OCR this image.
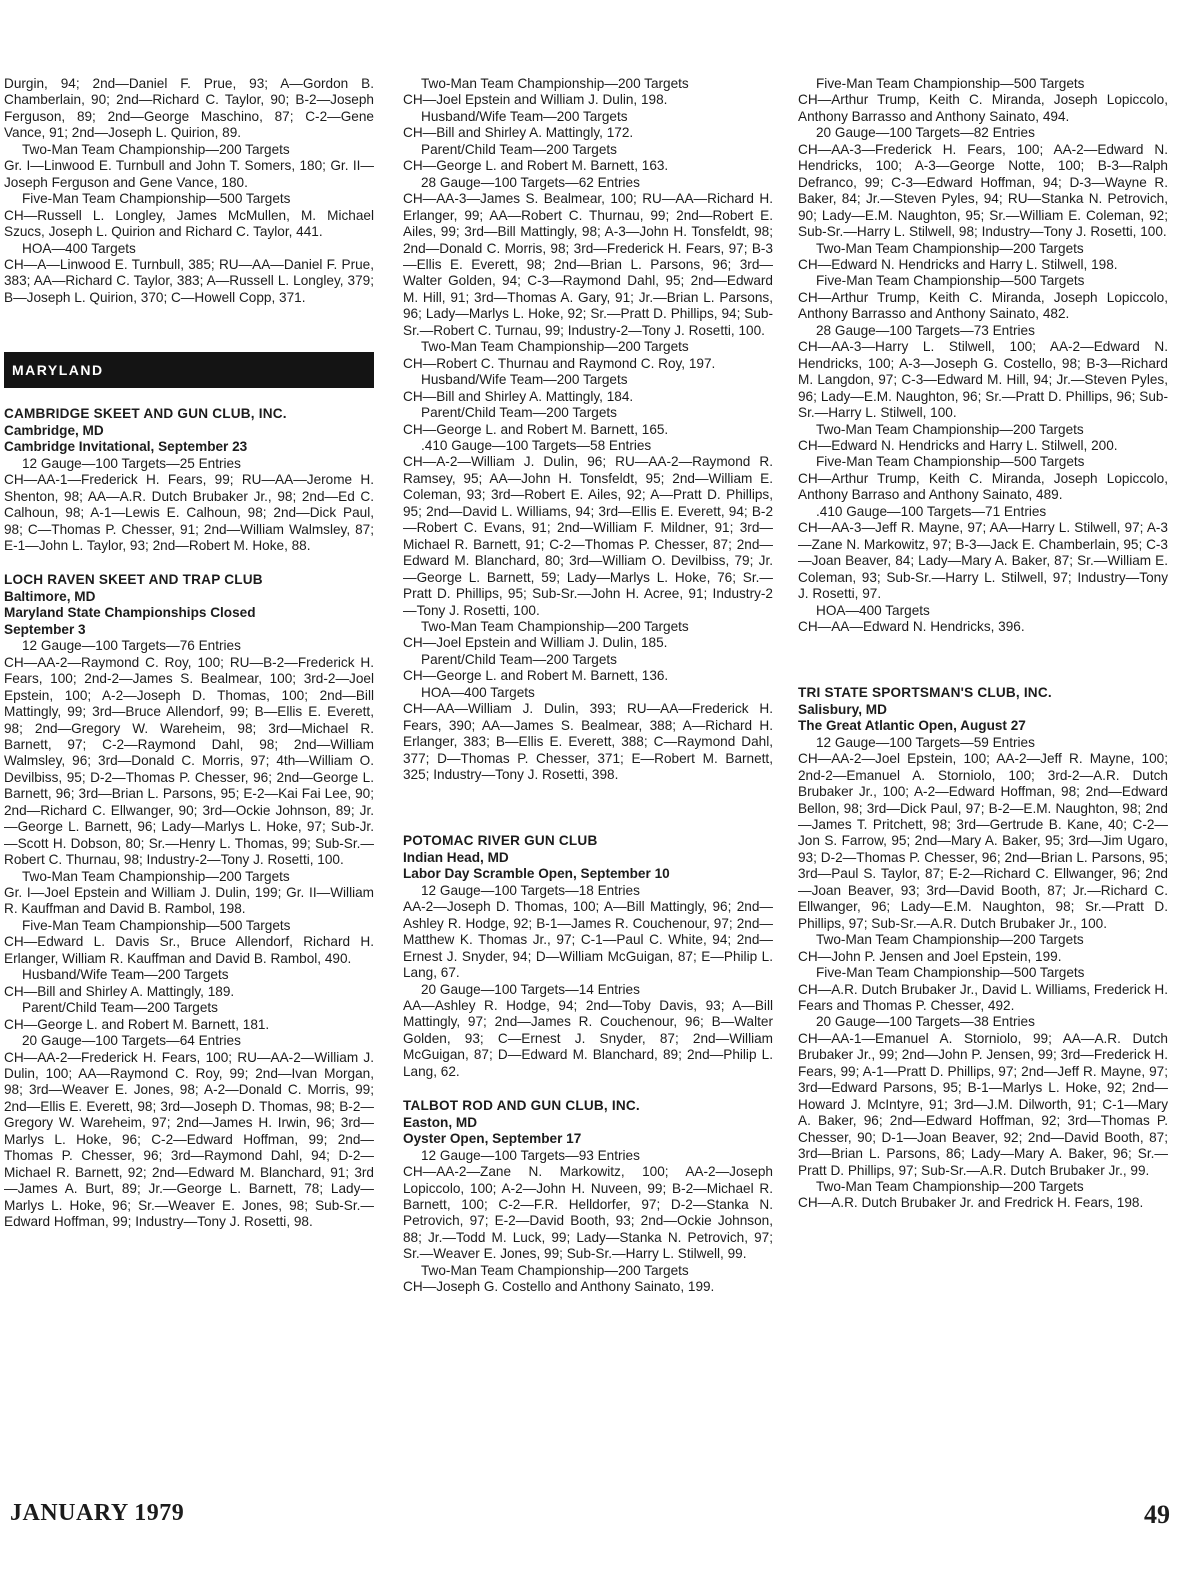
Durgin, 94; 2nd—Daniel F. Prue, 93; A—Gordon B. Chamberlain, 90; 2nd—Richard C. Taylor, 90; B-2—Joseph Ferguson, 89; 2nd—George Maschino, 87; C-2—Gene Vance, 91; 2nd—Joseph L. Quirion, 89.
Two-Man Team Championship—200 Targets
Gr. I—Linwood E. Turnbull and John T. Somers, 180; Gr. II—Joseph Ferguson and Gene Vance, 180.
Five-Man Team Championship—500 Targets
CH—Russell L. Longley, James McMullen, M. Michael Szucs, Joseph L. Quirion and Richard C. Taylor, 441.
HOA—400 Targets
CH—A—Linwood E. Turnbull, 385; RU—AA—Daniel F. Prue, 383; AA—Richard C. Taylor, 383; A—Russell L. Longley, 379; B—Joseph L. Quirion, 370; C—Howell Copp, 371.
MARYLAND
CAMBRIDGE SKEET AND GUN CLUB, INC.
Cambridge, MD
Cambridge Invitational, September 23
12 Gauge—100 Targets—25 Entries
CH—AA-1—Frederick H. Fears, 99; RU—AA—Jerome H. Shenton, 98; AA—A.R. Dutch Brubaker Jr., 98; 2nd—Ed C. Calhoun, 98; A-1—Lewis E. Calhoun, 98; 2nd—Dick Paul, 98; C—Thomas P. Chesser, 91; 2nd—William Walmsley, 87; E-1—John L. Taylor, 93; 2nd—Robert M. Hoke, 88.
LOCH RAVEN SKEET AND TRAP CLUB
Baltimore, MD
Maryland State Championships Closed
September 3
12 Gauge—100 Targets—76 Entries
CH—AA-2—Raymond C. Roy, 100; RU—B-2—Frederick H. Fears, 100; 2nd-2—James S. Bealmear, 100; 3rd-2—Joel Epstein, 100; A-2—Joseph D. Thomas, 100; 2nd—Bill Mattingly, 99; 3rd—Bruce Allendorf, 99; B—Ellis E. Everett, 98; 2nd—Gregory W. Wareheim, 98; 3rd—Michael R. Barnett, 97; C-2—Raymond Dahl, 98; 2nd—William Walmsley, 96; 3rd—Donald C. Morris, 97; 4th—William O. Devilbiss, 95; D-2—Thomas P. Chesser, 96; 2nd—George L. Barnett, 96; 3rd—Brian L. Parsons, 95; E-2—Kai Fai Lee, 90; 2nd—Richard C. Ellwanger, 90; 3rd—Ockie Johnson, 89; Jr.—George L. Barnett, 96; Lady—Marlys L. Hoke, 97; Sub-Jr.—Scott H. Dobson, 80; Sr.—Henry L. Thomas, 99; Sub-Sr.—Robert C. Thurnau, 98; Industry-2—Tony J. Rosetti, 100.
Two-Man Team Championship—200 Targets
Gr. I—Joel Epstein and William J. Dulin, 199; Gr. II—William R. Kauffman and David B. Rambol, 198.
Five-Man Team Championship—500 Targets
CH—Edward L. Davis Sr., Bruce Allendorf, Richard H. Erlanger, William R. Kauffman and David B. Rambol, 490.
Husband/Wife Team—200 Targets
CH—Bill and Shirley A. Mattingly, 189.
Parent/Child Team—200 Targets
CH—George L. and Robert M. Barnett, 181.
20 Gauge—100 Targets—64 Entries
CH—AA-2—Frederick H. Fears, 100; RU—AA-2—William J. Dulin, 100; AA—Raymond C. Roy, 99; 2nd—Ivan Morgan, 98; 3rd—Weaver E. Jones, 98; A-2—Donald C. Morris, 99; 2nd—Ellis E. Everett, 98; 3rd—Joseph D. Thomas, 98; B-2—Gregory W. Wareheim, 97; 2nd—James H. Irwin, 96; 3rd—Marlys L. Hoke, 96; C-2—Edward Hoffman, 99; 2nd—Thomas P. Chesser, 96; 3rd—Raymond Dahl, 94; D-2—Michael R. Barnett, 92; 2nd—Edward M. Blanchard, 91; 3rd—James A. Burt, 89; Jr.—George L. Barnett, 78; Lady—Marlys L. Hoke, 96; Sr.—Weaver E. Jones, 98; Sub-Sr.—Edward Hoffman, 99; Industry—Tony J. Rosetti, 98.
Two-Man Team Championship—200 Targets
CH—Joel Epstein and William J. Dulin, 198.
Husband/Wife Team—200 Targets
CH—Bill and Shirley A. Mattingly, 172.
Parent/Child Team—200 Targets
CH—George L. and Robert M. Barnett, 163.
28 Gauge—100 Targets—62 Entries
CH—AA-3—James S. Bealmear, 100; RU—AA—Richard H. Erlanger, 99; AA—Robert C. Thurnau, 99; 2nd—Robert E. Ailes, 99; 3rd—Bill Mattingly, 98; A-3—John H. Tonsfeldt, 98; 2nd—Donald C. Morris, 98; 3rd—Frederick H. Fears, 97; B-3—Ellis E. Everett, 98; 2nd—Brian L. Parsons, 96; 3rd—Walter Golden, 94; C-3—Raymond Dahl, 95; 2nd—Edward M. Hill, 91; 3rd—Thomas A. Gary, 91; Jr.—Brian L. Parsons, 96; Lady—Marlys L. Hoke, 92; Sr.—Pratt D. Phillips, 94; Sub-Sr.—Robert C. Turnau, 99; Industry-2—Tony J. Rosetti, 100.
Two-Man Team Championship—200 Targets
CH—Robert C. Thurnau and Raymond C. Roy, 197.
Husband/Wife Team—200 Targets
CH—Bill and Shirley A. Mattingly, 184.
Parent/Child Team—200 Targets
CH—George L. and Robert M. Barnett, 165.
.410 Gauge—100 Targets—58 Entries
CH—A-2—William J. Dulin, 96; RU—AA-2—Raymond R. Ramsey, 95; AA—John H. Tonsfeldt, 95; 2nd—William E. Coleman, 93; 3rd—Robert E. Ailes, 92; A—Pratt D. Phillips, 95; 2nd—David L. Williams, 94; 3rd—Ellis E. Everett, 94; B-2—Robert C. Evans, 91; 2nd—William F. Mildner, 91; 3rd—Michael R. Barnett, 91; C-2—Thomas P. Chesser, 87; 2nd—Edward M. Blanchard, 80; 3rd—William O. Devilbiss, 79; Jr.—George L. Barnett, 59; Lady—Marlys L. Hoke, 76; Sr.—Pratt D. Phillips, 95; Sub-Sr.—John H. Acree, 91; Industry-2—Tony J. Rosetti, 100.
Two-Man Team Championship—200 Targets
CH—Joel Epstein and William J. Dulin, 185.
Parent/Child Team—200 Targets
CH—George L. and Robert M. Barnett, 136.
HOA—400 Targets
CH—AA—William J. Dulin, 393; RU—AA—Frederick H. Fears, 390; AA—James S. Bealmear, 388; A—Richard H. Erlanger, 383; B—Ellis E. Everett, 388; C—Raymond Dahl, 377; D—Thomas P. Chesser, 371; E—Robert M. Barnett, 325; Industry—Tony J. Rosetti, 398.
POTOMAC RIVER GUN CLUB
Indian Head, MD
Labor Day Scramble Open, September 10
12 Gauge—100 Targets—18 Entries
AA-2—Joseph D. Thomas, 100; A—Bill Mattingly, 96; 2nd—Ashley R. Hodge, 92; B-1—James R. Couchenour, 97; 2nd—Matthew K. Thomas Jr., 97; C-1—Paul C. White, 94; 2nd—Ernest J. Snyder, 94; D—William McGuigan, 87; E—Philip L. Lang, 67.
20 Gauge—100 Targets—14 Entries
AA—Ashley R. Hodge, 94; 2nd—Toby Davis, 93; A—Bill Mattingly, 97; 2nd—James R. Couchenour, 96; B—Walter Golden, 93; C—Ernest J. Snyder, 87; 2nd—William McGuigan, 87; D—Edward M. Blanchard, 89; 2nd—Philip L. Lang, 62.
TALBOT ROD AND GUN CLUB, INC.
Easton, MD
Oyster Open, September 17
12 Gauge—100 Targets—93 Entries
CH—AA-2—Zane N. Markowitz, 100; AA-2—Joseph Lopiccolo, 100; A-2—John H. Nuveen, 99; B-2—Michael R. Barnett, 100; C-2—F.R. Helldorfer, 97; D-2—Stanka N. Petrovich, 97; E-2—David Booth, 93; 2nd—Ockie Johnson, 88; Jr.—Todd M. Luck, 99; Lady—Stanka N. Petrovich, 97; Sr.—Weaver E. Jones, 99; Sub-Sr.—Harry L. Stilwell, 99.
Two-Man Team Championship—200 Targets
CH—Joseph G. Costello and Anthony Sainato, 199.
Five-Man Team Championship—500 Targets
CH—Arthur Trump, Keith C. Miranda, Joseph Lopiccolo, Anthony Barrasso and Anthony Sainato, 494.
20 Gauge—100 Targets—82 Entries
CH—AA-3—Frederick H. Fears, 100; AA-2—Edward N. Hendricks, 100; A-3—George Notte, 100; B-3—Ralph Defranco, 99; C-3—Edward Hoffman, 94; D-3—Wayne R. Baker, 84; Jr.—Steven Pyles, 94; RU—Stanka N. Petrovich, 90; Lady—E.M. Naughton, 95; Sr.—William E. Coleman, 92; Sub-Sr.—Harry L. Stilwell, 98; Industry—Tony J. Rosetti, 100.
Two-Man Team Championship—200 Targets
CH—Edward N. Hendricks and Harry L. Stilwell, 198.
Five-Man Team Championship—500 Targets
CH—Arthur Trump, Keith C. Miranda, Joseph Lopiccolo, Anthony Barrasso and Anthony Sainato, 482.
28 Gauge—100 Targets—73 Entries
CH—AA-3—Harry L. Stilwell, 100; AA-2—Edward N. Hendricks, 100; A-3—Joseph G. Costello, 98; B-3—Richard M. Langdon, 97; C-3—Edward M. Hill, 94; Jr.—Steven Pyles, 96; Lady—E.M. Naughton, 96; Sr.—Pratt D. Phillips, 96; Sub-Sr.—Harry L. Stilwell, 100.
Two-Man Team Championship—200 Targets
CH—Edward N. Hendricks and Harry L. Stilwell, 200.
Five-Man Team Championship—500 Targets
CH—Arthur Trump, Keith C. Miranda, Joseph Lopiccolo, Anthony Barraso and Anthony Sainato, 489.
.410 Gauge—100 Targets—71 Entries
CH—AA-3—Jeff R. Mayne, 97; AA—Harry L. Stilwell, 97; A-3—Zane N. Markowitz, 97; B-3—Jack E. Chamberlain, 95; C-3—Joan Beaver, 84; Lady—Mary A. Baker, 87; Sr.—William E. Coleman, 93; Sub-Sr.—Harry L. Stilwell, 97; Industry—Tony J. Rosetti, 97.
HOA—400 Targets
CH—AA—Edward N. Hendricks, 396.
TRI STATE SPORTSMAN'S CLUB, INC.
Salisbury, MD
The Great Atlantic Open, August 27
12 Gauge—100 Targets—59 Entries
CH—AA-2—Joel Epstein, 100; AA-2—Jeff R. Mayne, 100; 2nd-2—Emanuel A. Storniolo, 100; 3rd-2—A.R. Dutch Brubaker Jr., 100; A-2—Edward Hoffman, 98; 2nd—Edward Bellon, 98; 3rd—Dick Paul, 97; B-2—E.M. Naughton, 98; 2nd—James T. Pritchett, 98; 3rd—Gertrude B. Kane, 40; C-2—Jon S. Farrow, 95; 2nd—Mary A. Baker, 95; 3rd—Jim Ugaro, 93; D-2—Thomas P. Chesser, 96; 2nd—Brian L. Parsons, 95; 3rd—Paul S. Taylor, 87; E-2—Richard C. Ellwanger, 96; 2nd—Joan Beaver, 93; 3rd—David Booth, 87; Jr.—Richard C. Ellwanger, 96; Lady—E.M. Naughton, 98; Sr.—Pratt D. Phillips, 97; Sub-Sr.—A.R. Dutch Brubaker Jr., 100.
Two-Man Team Championship—200 Targets
CH—John P. Jensen and Joel Epstein, 199.
Five-Man Team Championship—500 Targets
CH—A.R. Dutch Brubaker Jr., David L. Williams, Frederick H. Fears and Thomas P. Chesser, 492.
20 Gauge—100 Targets—38 Entries
CH—AA-1—Emanuel A. Storniolo, 99; AA—A.R. Dutch Brubaker Jr., 99; 2nd—John P. Jensen, 99; 3rd—Frederick H. Fears, 99; A-1—Pratt D. Phillips, 97; 2nd—Jeff R. Mayne, 97; 3rd—Edward Parsons, 95; B-1—Marlys L. Hoke, 92; 2nd—Howard J. McIntyre, 91; 3rd—J.M. Dilworth, 91; C-1—Mary A. Baker, 96; 2nd—Edward Hoffman, 92; 3rd—Thomas P. Chesser, 90; D-1—Joan Beaver, 92; 2nd—David Booth, 87; 3rd—Brian L. Parsons, 86; Lady—Mary A. Baker, 96; Sr.—Pratt D. Phillips, 97; Sub-Sr.—A.R. Dutch Brubaker Jr., 99.
Two-Man Team Championship—200 Targets
CH—A.R. Dutch Brubaker Jr. and Fredrick H. Fears, 198.
JANUARY 1979	49
